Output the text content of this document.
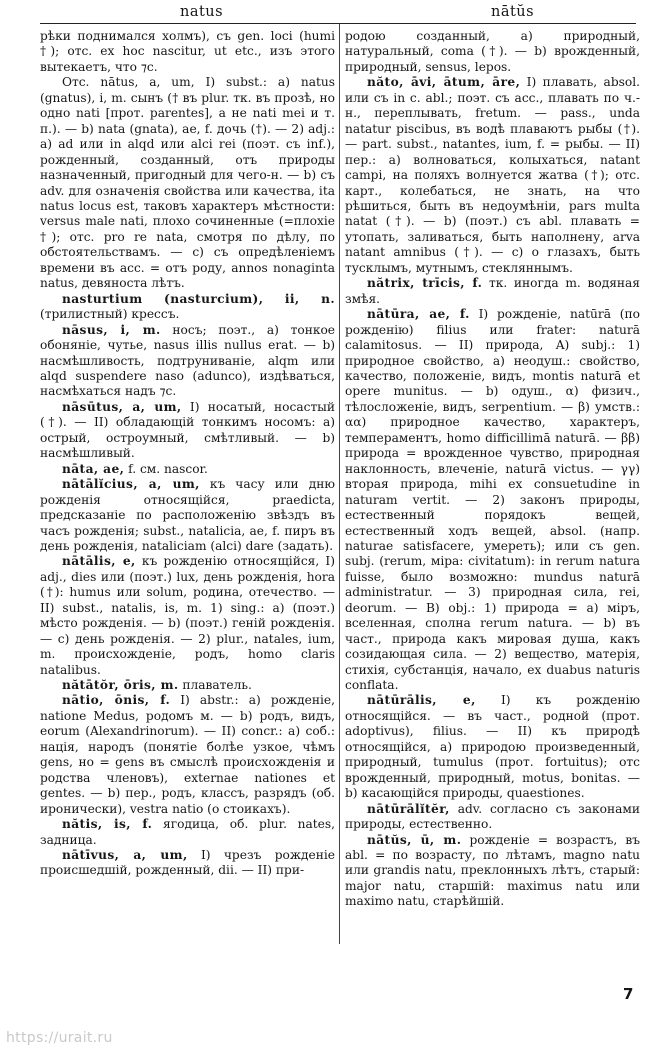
natus	nātŭs

рѣки поднимался холмъ), съ gen. loci (humi †); отс. ex hoc nascitur, ut etc., изъ этого вытекаетъ, что ⁊с.

Отс. nātus, a, um, I) subst.: a) natus (gnatus), i, m. сынъ († въ plur. тк. въ прозѣ, но одно nati [прот. parentes], а не nati mei и т. п.). — b) nata (gnata), ae, f. дочь (†). — 2) adj.: a) ad или in alqd или alci rei (поэт. съ inf.), рожденный, созданный, отъ природы назначенный, пригодный для чего-н. — b) съ adv. для означенія свойства или качества, ita natus locus est, таковъ характеръ мѣстности: versus male nati, плохо сочиненные (=плохіе †); отс. pro re nata, смотря по дѣлу, по обстоятельствамъ. — c) съ опредѣленіемъ времени въ acc. = отъ роду, annos nonaginta natus, девяноста лѣтъ.

nasturtium (nasturcium), ii, n. (трилистный) крессъ.

nāsus, i, m. носъ; поэт., a) тонкое обоняніе, чутье, nasus illis nullus erat. — b) насмѣшливость, подтруниваніе, alqm или alqd suspendere naso (adunco), издѣваться, насмѣхаться надъ ⁊с.

nāsūtus, a, um, I) носатый, носастый (†). — II) обладающій тонкимъ носомъ: a) острый, остроумный, смѣтливый. — b) насмѣшливый.

nāta, ae, f. см. nascor.

nātālĭcius, a, um, къ часу или дню рожденія относящійся, praedicta, предсказаніе по расположенію звѣздъ въ часъ рожденія; subst., natalicia, ae, f. пиръ въ день рожденія, nataliciam (alci) dare (задать).

nātālis, e, къ рожденію относящійся, I) adj., dies или (поэт.) lux, день рожденія, hora (†): humus или solum, родина, отечество. — II) subst., natalis, is, m. 1) sing.: a) (поэт.) мѣсто рожденія. — b) (поэт.) геній рожденія. — c) день рожденія. — 2) plur., natales, ium, m. происхожденіе, родъ, homo claris natalibus.

nătātŏr, ōris, m. плаватель.

nātio, ōnis, f. I) abstr.: a) рожденіе, natione Medus, родомъ м. — b) родъ, видъ, eorum (Alexandrinorum). — II) concr.: a) соб.: нація, народъ (понятіе болѣе узкое, чѣмъ gens, но = gens въ смыслѣ происхожденія и родства членовъ), externae nationes et gentes. — b) пер., родъ, классъ, разрядъ (об. иронически), vestra natio (о стоикахъ).

nătis, is, f. ягодица, об. plur. nates, задница.

nātīvus, a, um, I) чрезъ рожденіе происшедшій, рожденный, dii. — II) при-

родою созданный, a) природный, натуральный, coma (†). — b) врожденный, природный, sensus, lepos.

năto, āvi, ātum, āre, I) плавать, absol. или съ in c. abl.; поэт. съ acc., плавать по ч.-н., переплывать, fretum. — pass., unda natatur piscibus, въ водѣ плаваютъ рыбы (†). — part. subst., natantes, ium, f. = рыбы. — II) пер.: a) волноваться, колыхаться, natant campi, на поляхъ волнуется жатва (†); отс. карт., колебаться, не знать, на что рѣшиться, быть въ недоумѣніи, pars multa natat (†). — b) (поэт.) съ abl. плавать = утопать, заливаться, быть наполнену, arva natant amnibus (†). — c) о глазахъ, быть тусклымъ, мутнымъ, стекляннымъ.

nătrix, trīcis, f. тк. иногда m. водяная змѣя.

nātūra, ae, f. I) рожденіе, natūrā (по рожденію) filius или frater: naturā calamitosus. — II) природа, A) subj.: 1) природное свойство, a) неодуш.: свойство, качество, положеніе, видъ, montis naturā et opere munitus. — b) одуш., α) физич., тѣлосложеніе, видъ, serpentium. — β) умств.: αα) природное качество, характеръ, темпераментъ, homo difficillimā naturā. — ββ) природа = врожденное чувство, природная наклонность, влеченіе, naturā victus. — γγ) вторая природа, mihi ex consuetudine in naturam vertit. — 2) законъ природы, естественный порядокъ вещей, естественный ходъ вещей, absol. (напр. naturae satisfacere, умереть); или съ gen. subj. (rerum, міра: civitatum): in rerum natura fuisse, было возможно: mundus naturā administratur. — 3) природная сила, rei, deorum. — B) obj.: 1) природа = a) міръ, вселенная, сполна rerum natura. — b) въ част., природа какъ мировая душа, какъ созидающая сила. — 2) вещество, матерія, стихія, субстанція, начало, ex duabus naturis conflata.

nātūrālis, e, I) къ рожденію относящійся. — въ част., родной (прот. adoptivus), filius. — II) къ природѣ относящійся, a) природою произведенный, природный, tumulus (прот. fortuitus); отс врожденный, природный, motus, bonitas. — b) касающійся природы, quaestiones.

nātūrālĭtĕr, adv. согласно съ законами природы, естественно.

nātŭs, ū, m. рожденіе = возрастъ, въ abl. = по возрасту, по лѣтамъ, magno natu или grandis natu, преклонныхъ лѣтъ, старый: major natu, старшій: maximus natu или maximo natu, старѣйшій.

7
https://urait.ru
